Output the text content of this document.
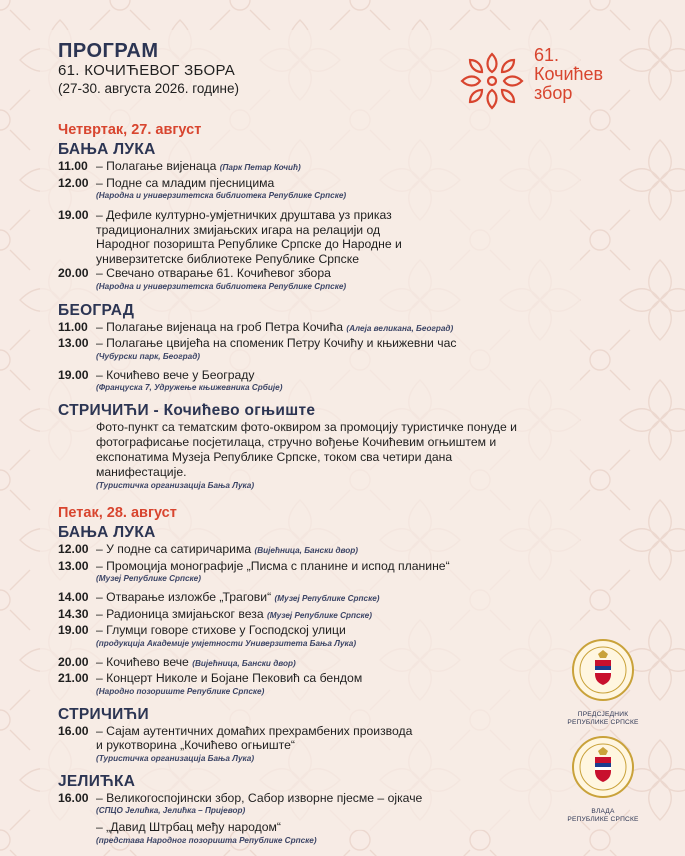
ПРОГРАМ
61. КОЧИЋЕВОГ ЗБОРА
(27-30. августа 2026. године)
61.
Кочићев
збор
Четвртак, 27. август
БАЊА ЛУКА
11.00 – Полагање вијенаца (Парк Петар Кочић)
12.00 – Подне са младим пјесницима
(Народна и универзитетска библиотека Републике Српске)
19.00 – Дефиле културно-умјетничких друштава уз приказ традиционалних змијањских игара на релацији од Народног позоришта Републике Српске до Народне и универзитетске библиотеке Републике Српске
20.00 – Свечано отварање 61. Кочићевог збора
(Народна и универзитетска библиотека Републике Српске)
БЕОГРАД
11.00 – Полагање вијенаца на гроб Петра Кочића (Алеја великана, Београд)
13.00 – Полагање цвијећа на споменик Петру Кочићу и књижевни час
(Чубурски парк, Београд)
19.00 – Кочићево вече у Београду
(Француска 7, Удружење књижевника Србије)
СТРИЧИЋИ - Кочићево огњиште
Фото-пункт са тематским фото-оквиром за промоцију туристичке понуде и фотографисање посјетилаца, стручно вођење Кочићевим огњиштем и експонатима Музеја Републике Српске, током сва четири дана манифестације.
(Туристичка организација Бања Лука)
Петак, 28. август
БАЊА ЛУКА
12.00 – У подне са сатиричарима (Вијећница, Бански двор)
13.00 – Промоција монографије „Писма с планине и испод планине“
(Музеј Републике Српске)
14.00 – Отварање изложбе „Трагови“ (Музеј Републике Српске)
14.30 – Радионица змијањског веза (Музеј Републике Српске)
19.00 – Глумци говоре стихове у Господској улици
(продукција Академије умјетности Универзитета Бања Лука)
20.00 – Кочићево вече (Вијећница, Бански двор)
21.00 – Концерт Николе и Бојане Пековић са бендом
(Народно позориште Републике Српске)
СТРИЧИЋИ
16.00 – Сајам аутентичних домаћих прехрамбених производа и рукотворина „Кочићево огњиште“
(Туристичка организација Бања Лука)
ЈЕЛИЋКА
16.00 – Великогоспојински збор, Сабор изворне пјесме – ојкаче
(СПЦО Јелићка, Јелићка – Пријевор)
– „Давид Штрбац међу народом“
(представа Народног позоришта Републике Српске)
ПРЕДСЈЕДНИК
РЕПУБЛИКЕ СРПСКЕ
ВЛАДА
РЕПУБЛИКЕ СРПСКЕ
